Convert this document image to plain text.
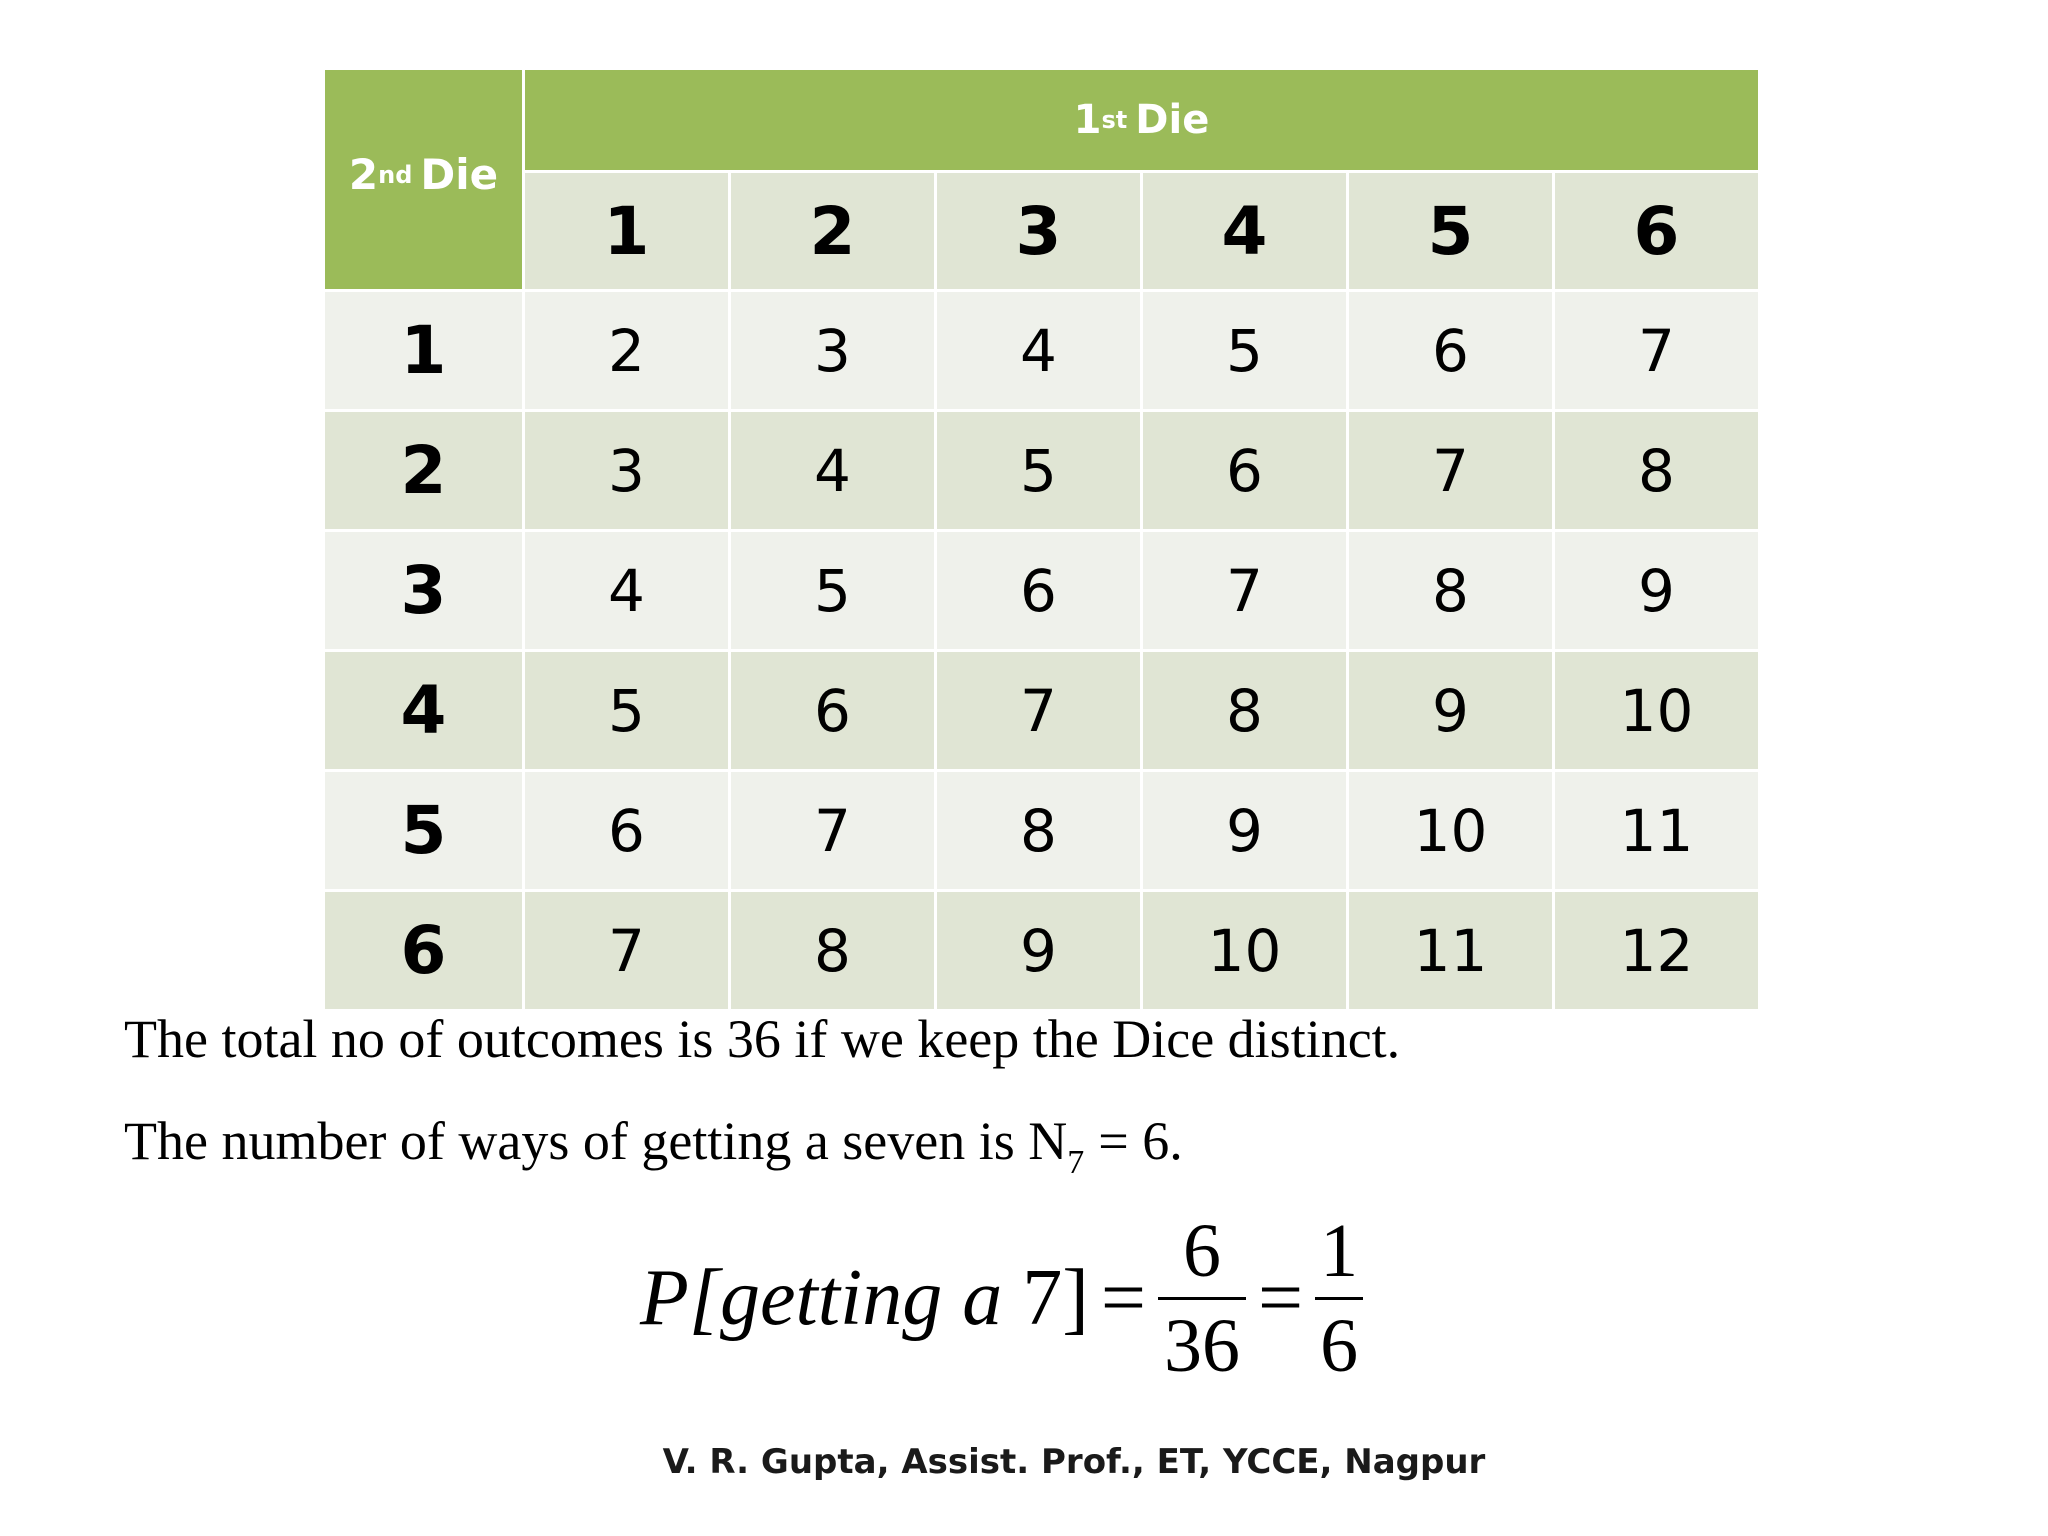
2 nd Die
1 st Die
1	2	3	4	5	6
1	2	3	4	5	6	7
2	3	4	5	6	7	8
3	4	5	6	7	8	9
4	5	6	7	8	9	10
5	6	7	8	9	10	11
6	7	8	9	10	11	12
The total no of outcomes is 36 if we keep the Dice distinct.
The number of ways of getting a seven is $N_7 = 6$.
P[getting a $7] = \frac{6}{36} = \frac{1}{6}$
V. R. Gupta, Assist. Prof., ET, YCCE, Nagpur
